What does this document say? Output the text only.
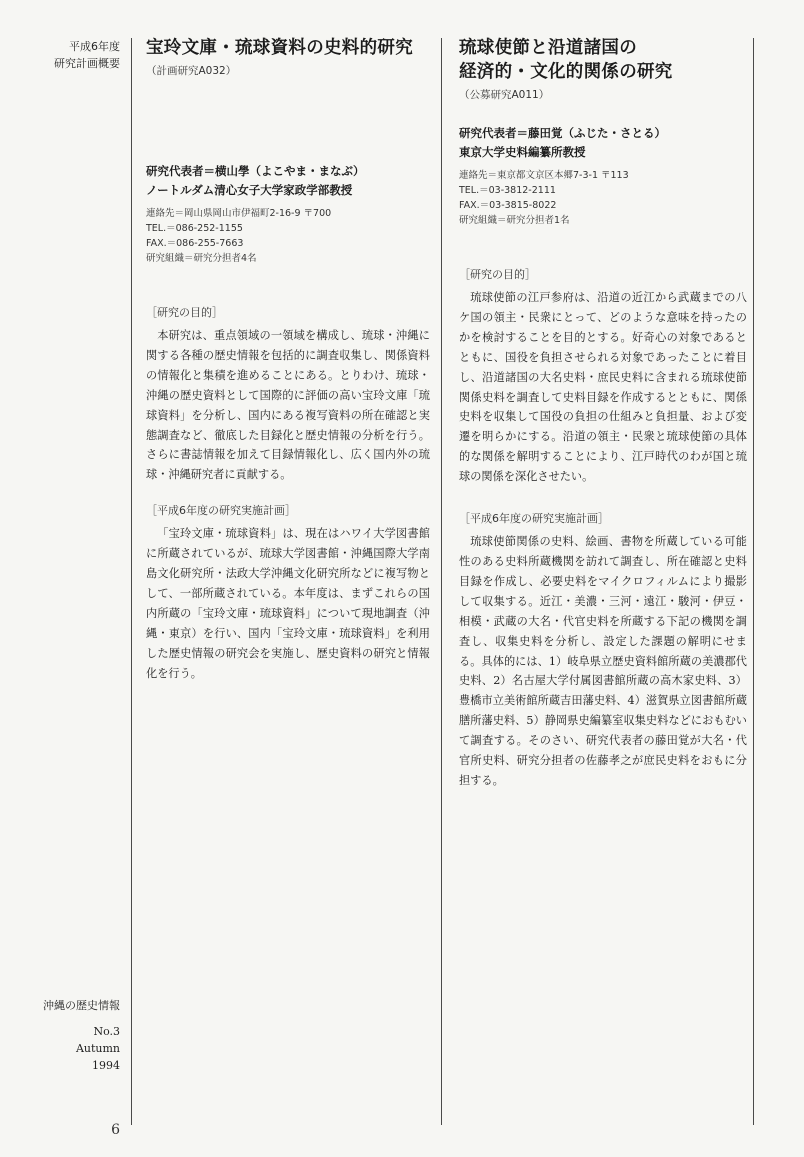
平成6年度
研究計画概要
沖縄の歴史情報
No.3
Autumn
1994
6
宝玲文庫・琉球資料の史料的研究

（計画研究A032）

研究代表者＝横山學（よこやま・まなぶ）

ノートルダム清心女子大学家政学部教授

連絡先＝岡山県岡山市伊福町2-16-9 〒700

TEL.＝086-252-1155

FAX.＝086-255-7663

研究組織＝研究分担者4名

［研究の目的］

本研究は、重点領域の一領域を構成し、琉球・沖縄に関する各種の歴史情報を包括的に調査収集し、関係資料の情報化と集積を進めることにある。とりわけ、琉球・沖縄の歴史資料として国際的に評価の高い宝玲文庫「琉球資料」を分析し、国内にある複写資料の所在確認と実態調査など、徹底した目録化と歴史情報の分析を行う。さらに書誌情報を加えて目録情報化し、広く国内外の琉球・沖縄研究者に貢献する。

［平成6年度の研究実施計画］

「宝玲文庫・琉球資料」は、現在はハワイ大学図書館に所蔵されているが、琉球大学図書館・沖縄国際大学南島文化研究所・法政大学沖縄文化研究所などに複写物として、一部所蔵されている。本年度は、まずこれらの国内所蔵の「宝玲文庫・琉球資料」について現地調査（沖縄・東京）を行い、国内「宝玲文庫・琉球資料」を利用した歴史情報の研究会を実施し、歴史資料の研究と情報化を行う。

琉球使節と沿道諸国の
経済的・文化的関係の研究

（公募研究A011）

研究代表者＝藤田覚（ふじた・さとる）

東京大学史料編纂所教授

連絡先＝東京都文京区本郷7-3-1 〒113

TEL.＝03-3812-2111

FAX.＝03-3815-8022

研究組織＝研究分担者1名

［研究の目的］

琉球使節の江戸参府は、沿道の近江から武蔵までの八ケ国の領主・民衆にとって、どのような意味を持ったのかを検討することを目的とする。好奇心の対象であるとともに、国役を負担させられる対象であったことに着目し、沿道諸国の大名史料・庶民史料に含まれる琉球使節関係史料を調査して史料目録を作成するとともに、関係史料を収集して国役の負担の仕組みと負担量、および変遷を明らかにする。沿道の領主・民衆と琉球使節の具体的な関係を解明することにより、江戸時代のわが国と琉球の関係を深化させたい。

［平成6年度の研究実施計画］

琉球使節関係の史料、絵画、書物を所蔵している可能性のある史料所蔵機関を訪れて調査し、所在確認と史料目録を作成し、必要史料をマイクロフィルムにより撮影して収集する。近江・美濃・三河・遠江・駿河・伊豆・相模・武蔵の大名・代官史料を所蔵する下記の機関を調査し、収集史料を分析し、設定した課題の解明にせまる。具体的には、1）岐阜県立歴史資料館所蔵の美濃郡代史料、2）名古屋大学付属図書館所蔵の高木家史料、3）豊橋市立美術館所蔵吉田藩史料、4）滋賀県立図書館所蔵膳所藩史料、5）静岡県史編纂室収集史料などにおもむいて調査する。そのさい、研究代表者の藤田覚が大名・代官所史料、研究分担者の佐藤孝之が庶民史料をおもに分担する。
